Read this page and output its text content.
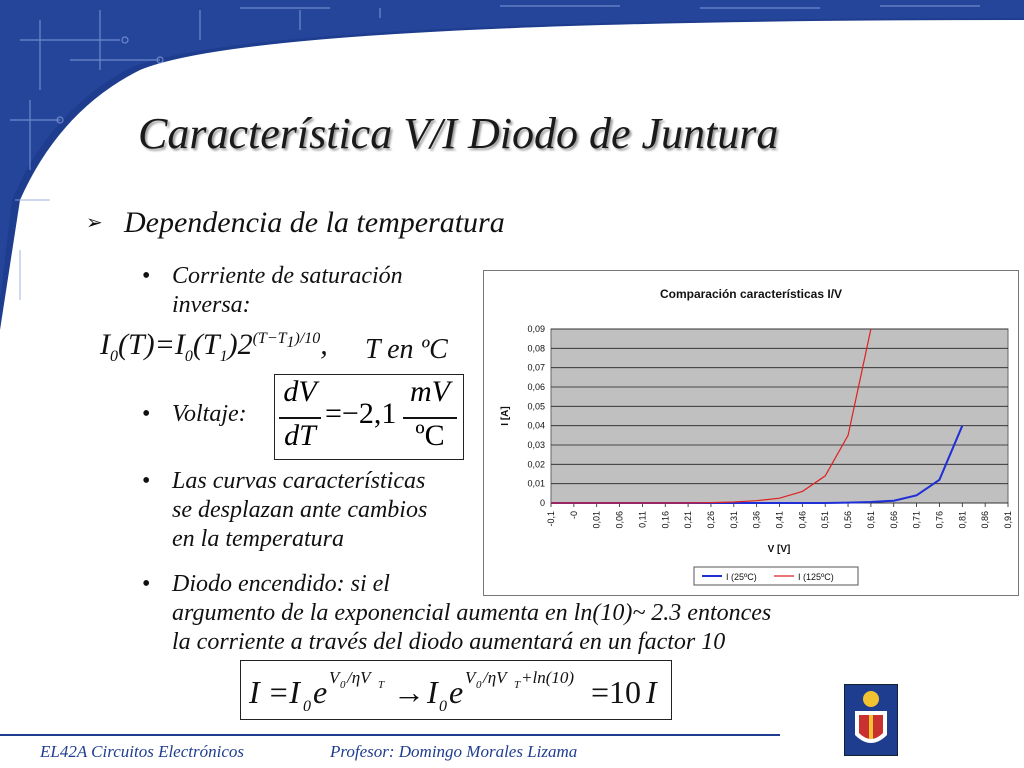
Característica V/I Diodo de Juntura
➢ Dependencia de la temperatura
• Corriente de saturación
inversa:
$I_0(T)=I_0(T_1)2^{(T-T_1)/10}$, T en ºC
• Voltaje:
dV
dT
=−2,1
mV
ºC
• Las curvas características
se desplazan ante cambios
en la temperatura
• Diodo encendido: si el
argumento de la exponencial aumenta en ln(10)~ 2.3 entonces
la corriente a través del diodo aumentará en un factor 10
I =I 0 e V 0 /ηV T → I 0 e V 0 /ηV T +ln(10) =10 I
Comparación características I/V
0
0,01
0,02
0,03
0,04
0,05
0,06
0,07
0,08
0,09
-0,1 -0 0,01 0,06 0,11 0,16 0,21 0,26 0,31 0,36 0,41 0,46 0,51 0,56 0,61 0,66 0,71 0,76 0,81 0,86 0,91
V [V]
I [A]
I (25ºC)	I (125ºC)
EL42A Circuitos Electrónicos	Profesor: Domingo Morales Lizama
